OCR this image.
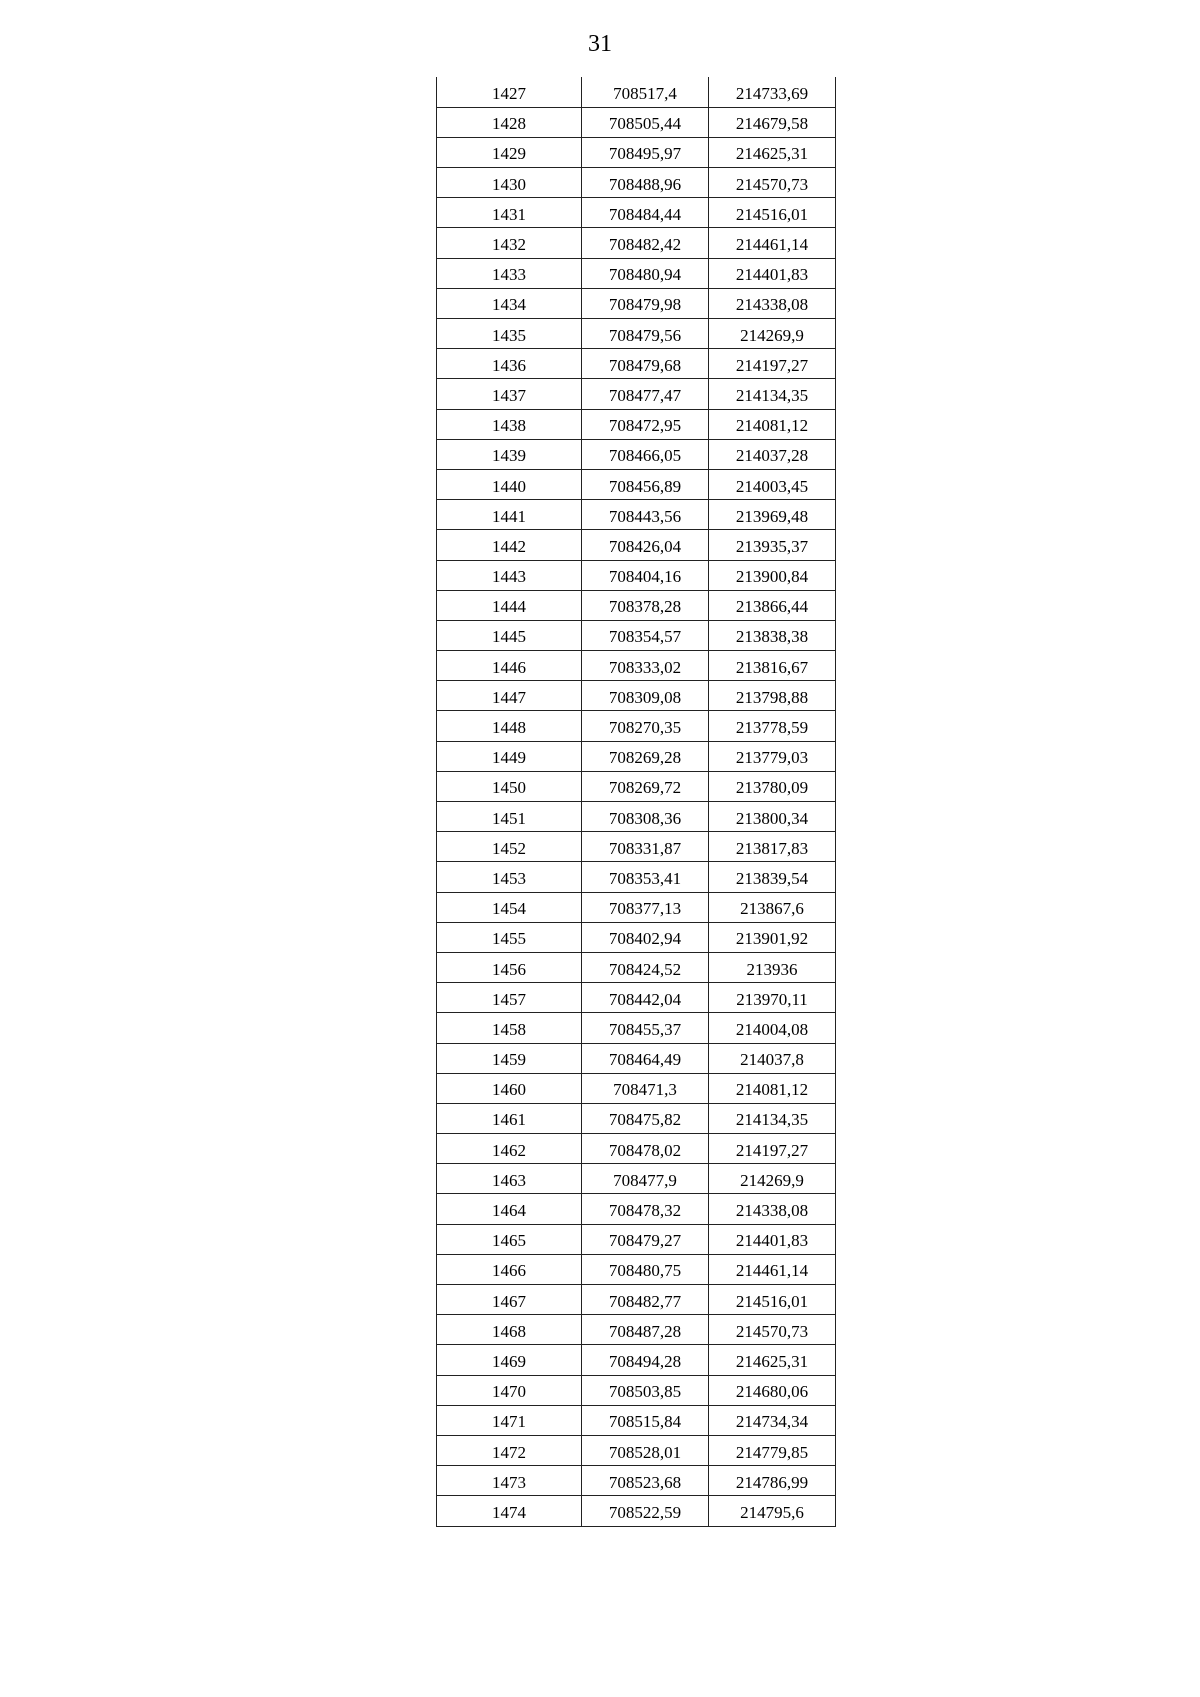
31
1427	708517,4	214733,69
1428	708505,44	214679,58
1429	708495,97	214625,31
1430	708488,96	214570,73
1431	708484,44	214516,01
1432	708482,42	214461,14
1433	708480,94	214401,83
1434	708479,98	214338,08
1435	708479,56	214269,9
1436	708479,68	214197,27
1437	708477,47	214134,35
1438	708472,95	214081,12
1439	708466,05	214037,28
1440	708456,89	214003,45
1441	708443,56	213969,48
1442	708426,04	213935,37
1443	708404,16	213900,84
1444	708378,28	213866,44
1445	708354,57	213838,38
1446	708333,02	213816,67
1447	708309,08	213798,88
1448	708270,35	213778,59
1449	708269,28	213779,03
1450	708269,72	213780,09
1451	708308,36	213800,34
1452	708331,87	213817,83
1453	708353,41	213839,54
1454	708377,13	213867,6
1455	708402,94	213901,92
1456	708424,52	213936
1457	708442,04	213970,11
1458	708455,37	214004,08
1459	708464,49	214037,8
1460	708471,3	214081,12
1461	708475,82	214134,35
1462	708478,02	214197,27
1463	708477,9	214269,9
1464	708478,32	214338,08
1465	708479,27	214401,83
1466	708480,75	214461,14
1467	708482,77	214516,01
1468	708487,28	214570,73
1469	708494,28	214625,31
1470	708503,85	214680,06
1471	708515,84	214734,34
1472	708528,01	214779,85
1473	708523,68	214786,99
1474	708522,59	214795,6
